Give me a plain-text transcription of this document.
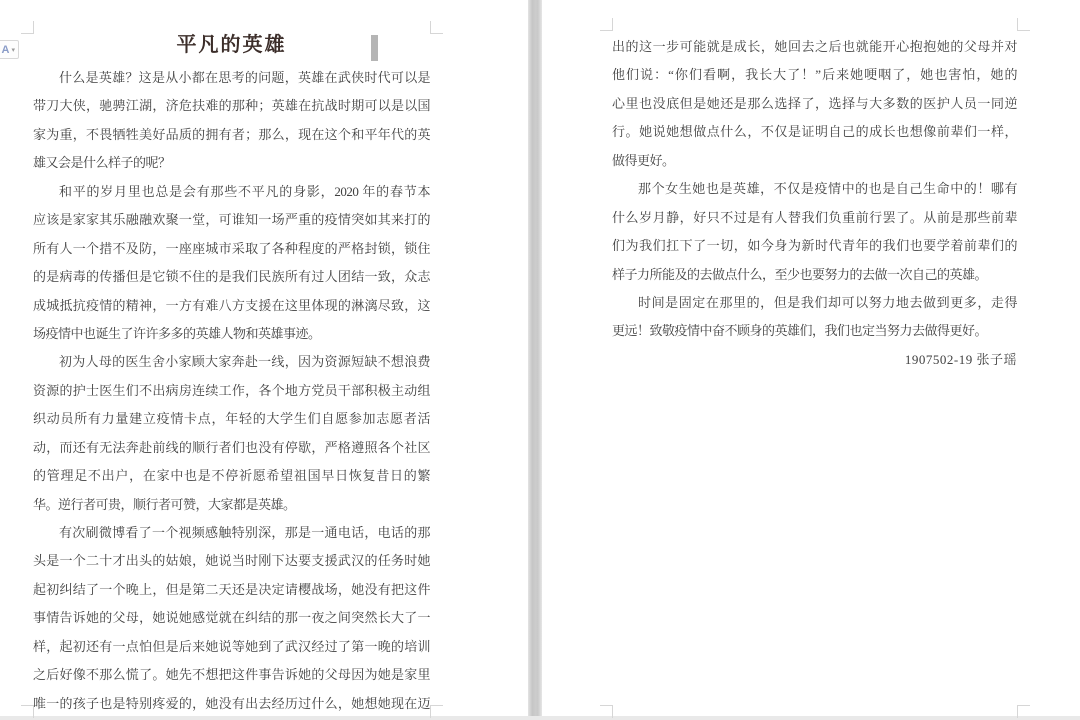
平凡的英雄
什么是英雄？这是从小都在思考的问题，英雄在武侠时代可以是
带刀大侠，驰骋江湖，济危扶难的那种；英雄在抗战时期可以是以国
家为重，不畏牺牲美好品质的拥有者；那么，现在这个和平年代的英
雄又会是什么样子的呢？
和平的岁月里也总是会有那些不平凡的身影，2020 年的春节本
应该是家家其乐融融欢聚一堂，可谁知一场严重的疫情突如其来打的
所有人一个措不及防，一座座城市采取了各种程度的严格封锁，锁住
的是病毒的传播但是它锁不住的是我们民族所有过人团结一致，众志
成城抵抗疫情的精神，一方有难八方支援在这里体现的淋漓尽致，这
场疫情中也诞生了许许多多的英雄人物和英雄事迹。
初为人母的医生舍小家顾大家奔赴一线，因为资源短缺不想浪费
资源的护士医生们不出病房连续工作，各个地方党员干部积极主动组
织动员所有力量建立疫情卡点，年轻的大学生们自愿参加志愿者活
动，而还有无法奔赴前线的顺行者们也没有停歇，严格遵照各个社区
的管理足不出户，在家中也是不停祈愿希望祖国早日恢复昔日的繁
华。逆行者可贵，顺行者可赞，大家都是英雄。
有次刷微博看了一个视频感触特别深，那是一通电话，电话的那
头是一个二十才出头的姑娘，她说当时刚下达要支援武汉的任务时她
起初纠结了一个晚上，但是第二天还是决定请樱战场，她没有把这件
事情告诉她的父母，她说她感觉就在纠结的那一夜之间突然长大了一
样，起初还有一点怕但是后来她说等她到了武汉经过了第一晚的培训
之后好像不那么慌了。她先不想把这件事告诉她的父母因为她是家里
唯一的孩子也是特别疼爱的，她没有出去经历过什么，她想她现在迈
出的这一步可能就是成长，她回去之后也就能开心抱抱她的父母并对
他们说：“你们看啊，我长大了！”后来她哽咽了，她也害怕，她的
心里也没底但是她还是那么选择了，选择与大多数的医护人员一同逆
行。她说她想做点什么，不仅是证明自己的成长也想像前辈们一样，
做得更好。
那个女生她也是英雄，不仅是疫情中的也是自己生命中的！哪有
什么岁月静，好只不过是有人替我们负重前行罢了。从前是那些前辈
们为我们扛下了一切，如今身为新时代青年的我们也要学着前辈们的
样子力所能及的去做点什么，至少也要努力的去做一次自己的英雄。
时间是固定在那里的，但是我们却可以努力地去做到更多，走得
更远！致敬疫情中奋不顾身的英雄们，我们也定当努力去做得更好。
1907502-19 张子瑶
A ▾
